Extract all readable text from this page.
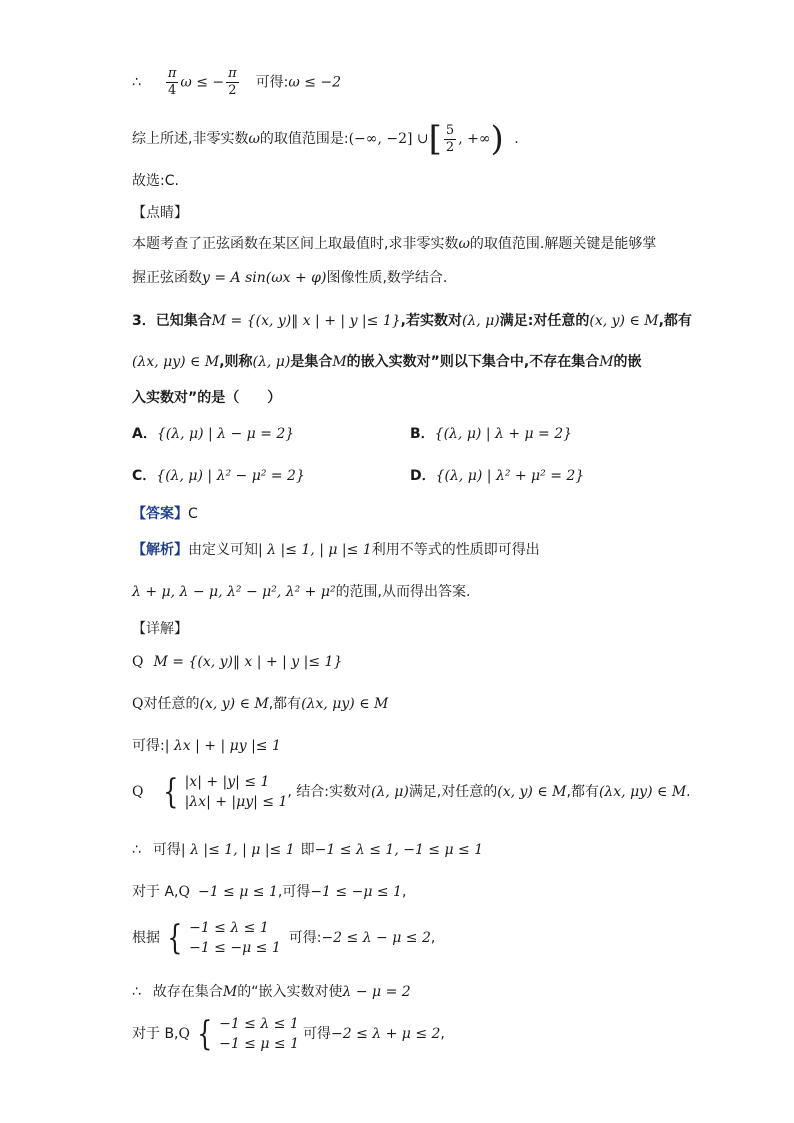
∴ $\frac{\pi}{4}$ ω ≤ − $\frac{\pi}{2}$ 可得:ω ≤ −2
综上所述,非零实数ω的取值范围是:(−∞, −2] ∪[ $\frac{5}{2}$ , +∞) .
故选:C.
【点睛】
本题考查了正弦函数在某区间上取最值时,求非零实数ω的取值范围.解题关键是能够掌
握正弦函数y = A sin(ωx + φ)图像性质,数学结合.
3．已知集合M = {(x, y)‖ x | + | y |≤ 1},若实数对(λ, μ)满足:对任意的(x, y) ∈ M,都有
(λx, μy) ∈ M,则称(λ, μ)是集合M的嵌入实数对”则以下集合中,不存在集合M的嵌
入实数对”的是（　　）
A．{(λ, μ) | λ − μ = 2}	B．{(λ, μ) | λ + μ = 2}
C．{(λ, μ) | λ² − μ² = 2}	D．{(λ, μ) | λ² + μ² = 2}
【答案】C
【解析】由定义可知| λ |≤ 1, | μ |≤ 1利用不等式的性质即可得出
λ + μ, λ − μ, λ² − μ², λ² + μ²的范围,从而得出答案.
【详解】
Q M = {(x, y)‖ x | + | y |≤ 1}
Q对任意的(x, y) ∈ M,都有(λx, μy) ∈ M
可得:| λx | + | μy |≤ 1
Q { |x| + |y| ≤ 1
|λx| + |μy| ≤ 1
, 结合:实数对(λ, μ)满足,对任意的(x, y) ∈ M,都有(λx, μy) ∈ M.
∴ 可得| λ |≤ 1, | μ |≤ 1 即−1 ≤ λ ≤ 1, −1 ≤ μ ≤ 1
对于 A,Q −1 ≤ μ ≤ 1,可得−1 ≤ −μ ≤ 1,
根据 { −1 ≤ λ ≤ 1
−1 ≤ −μ ≤ 1
可得:−2 ≤ λ − μ ≤ 2,
∴ 故存在集合M的“嵌入实数对使λ − μ = 2
对于 B,Q { −1 ≤ λ ≤ 1
−1 ≤ μ ≤ 1
可得−2 ≤ λ + μ ≤ 2,
